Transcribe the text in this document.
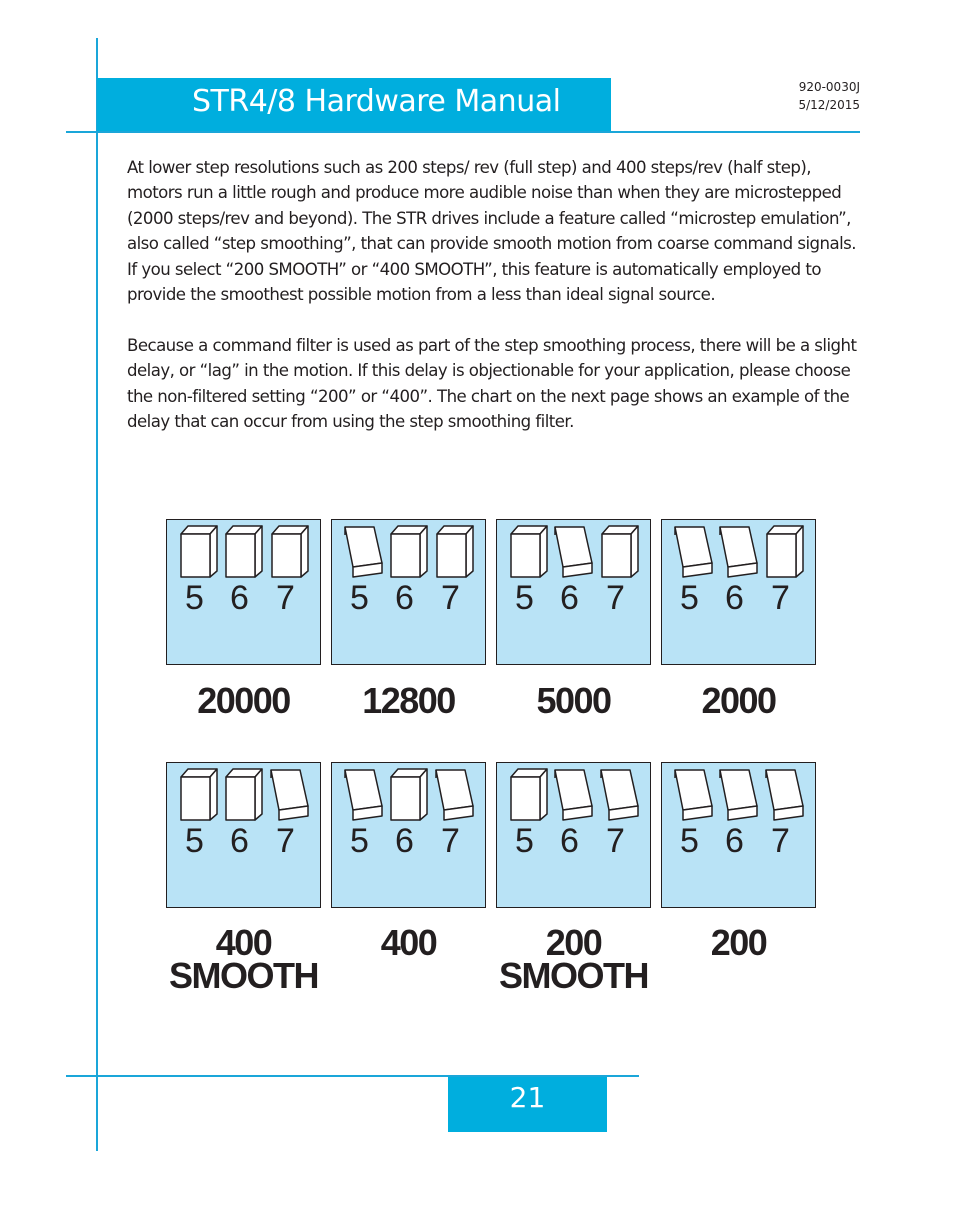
STR4/8 Hardware Manual	920-0030J
5/12/2015

At lower step resolutions such as 200 steps/ rev (full step) and 400 steps/rev (half step), motors run a little rough and produce more audible noise than when they are microstepped (2000 steps/rev and beyond). The STR drives include a feature called “microstep emulation”, also called “step smoothing”, that can provide smooth motion from coarse command signals. If you select “200 SMOOTH” or “400 SMOOTH”, this feature is automatically employed to provide the smoothest possible motion from a less than ideal signal source.

Because a command filter is used as part of the step smoothing process, there will be a slight delay, or “lag” in the motion. If this delay is objectionable for your application, please choose the non-filtered setting “200” or “400”. The chart on the next page shows an example of the delay that can occur from using the step smoothing filter.

5 6 7
20000
5 6 7
12800
5 6 7
5000
5 6 7
2000
5 6 7
400
SMOOTH
5 6 7
400
5 6 7
200
SMOOTH
5 6 7
200
21
